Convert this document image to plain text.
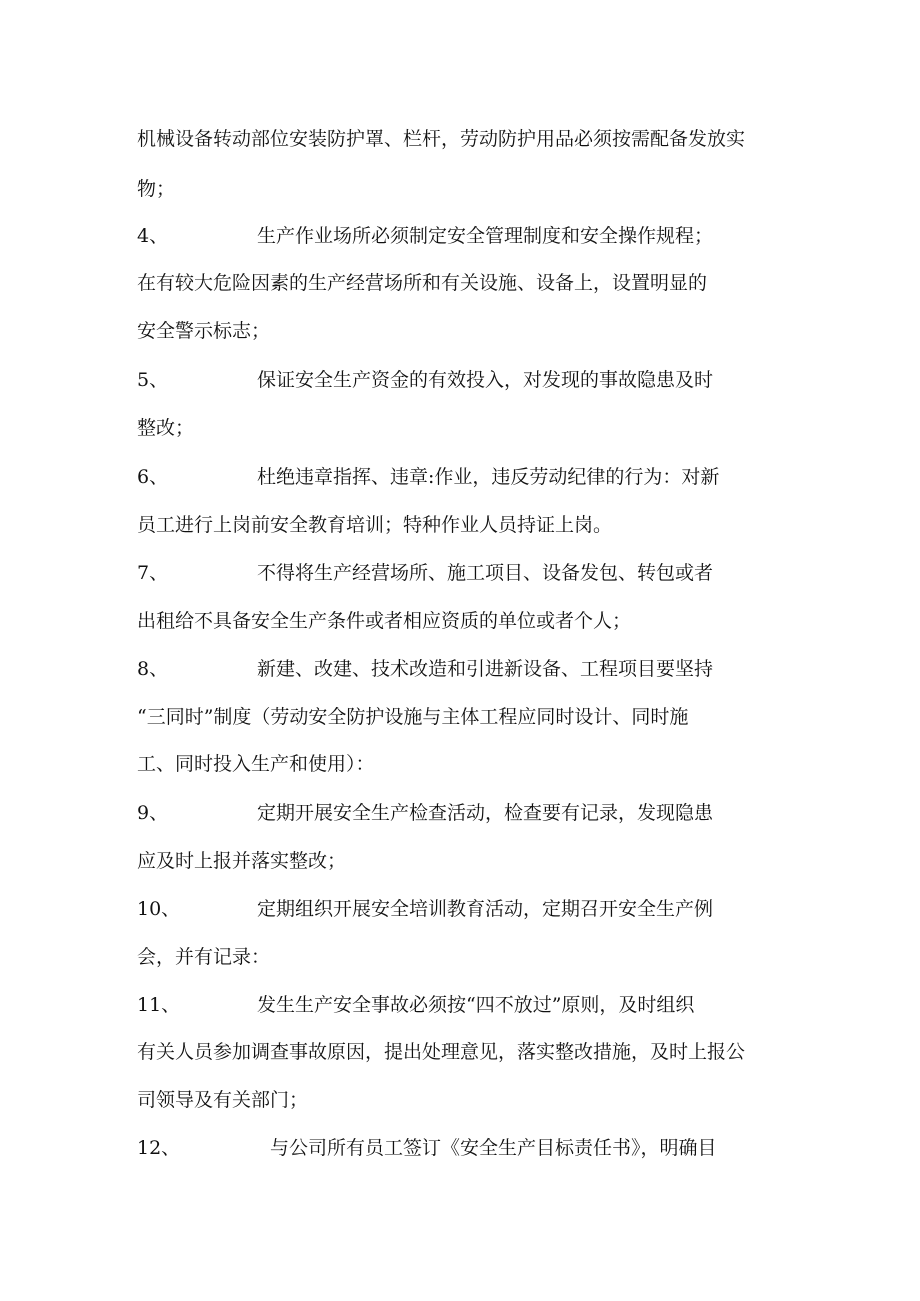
机械设备转动部位安装防护罩、栏杆，劳动防护用品必须按需配备发放实
物；
4、	生产作业场所必须制定安全管理制度和安全操作规程；
在有较大危险因素的生产经营场所和有关设施、设备上，设置明显的
安全警示标志；
5、	保证安全生产资金的有效投入，对发现的事故隐患及时
整改；
6、	杜绝违章指挥、违章:作业，违反劳动纪律的行为：对新
员工进行上岗前安全教育培训；特种作业人员持证上岗。
7、	不得将生产经营场所、施工项目、设备发包、转包或者
出租给不具备安全生产条件或者相应资质的单位或者个人；
8、	新建、改建、技术改造和引进新设备、工程项目要坚持
“三同时”制度（劳动安全防护设施与主体工程应同时设计、同时施
工、同时投入生产和使用）：
9、	定期开展安全生产检查活动，检查要有记录，发现隐患
应及时上报并落实整改；
10、	定期组织开展安全培训教育活动，定期召开安全生产例
会，并有记录：
11、	发生生产安全事故必须按“四不放过”原则，及时组织
有关人员参加调查事故原因，提出处理意见，落实整改措施，及时上报公
司领导及有关部门；
12、	与公司所有员工签订《安全生产目标责任书》，明确目
